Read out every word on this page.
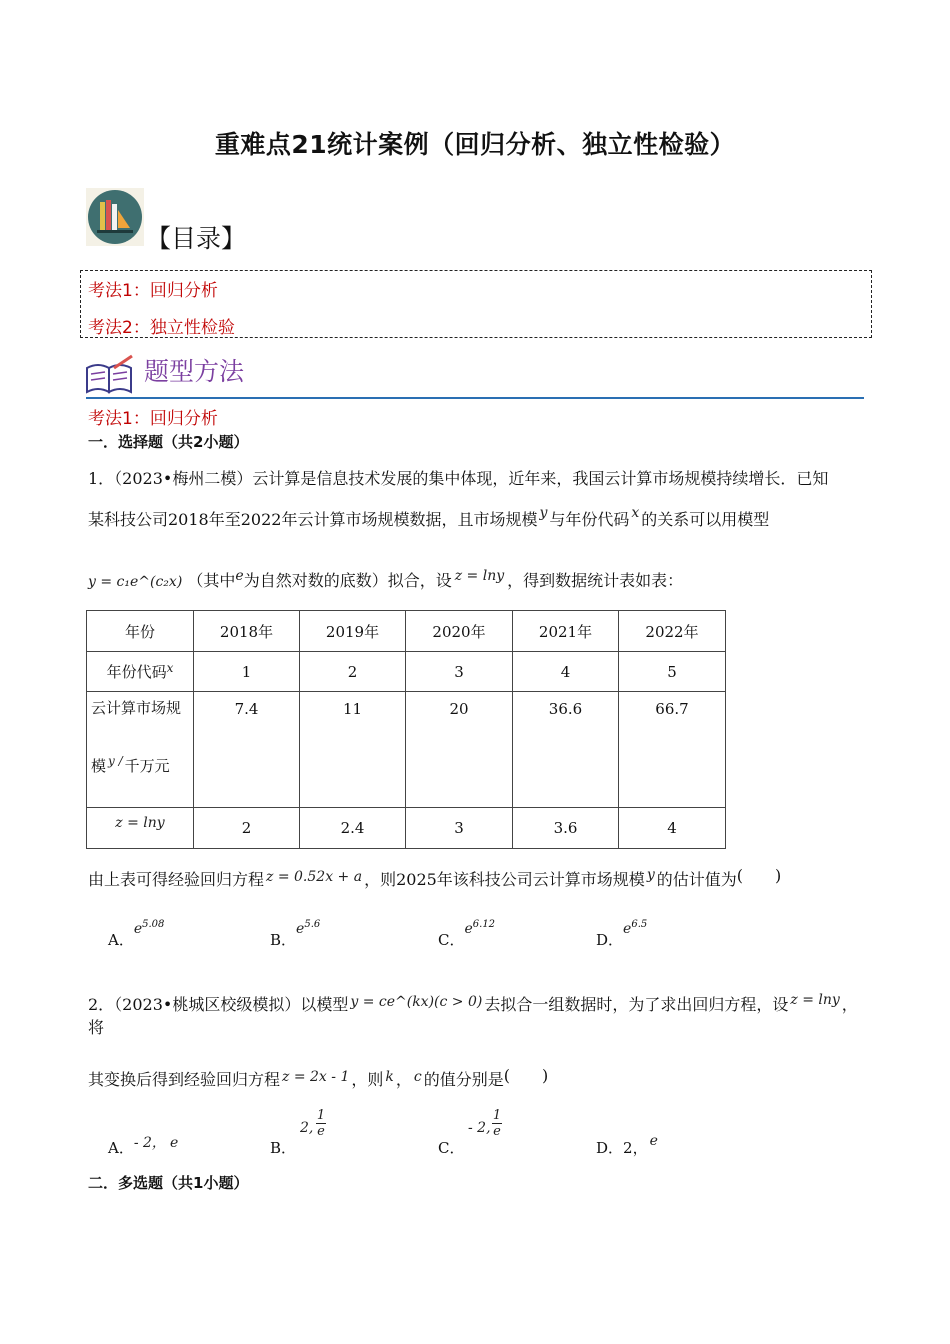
重难点21统计案例（回归分析、独立性检验）
【目录】
考法1：回归分析
考法2：独立性检验
题型方法
考法1：回归分析
一．选择题（共2小题）
1．（2023•梅州二模）云计算是信息技术发展的集中体现，近年来，我国云计算市场规模持续增长．已知
某科技公司2018年至2022年云计算市场规模数据，且市场规模 y 与年份代码 x 的关系可以用模型
y = c₁e^(c₂x) （其中e为自然对数的底数）拟合，设 z = lny ，得到数据统计表如表：
年份	2018年	2019年	2020年	2021年	2022年
年份代码$^x$	1	2	3	4	5

云计算市场规
模 $^{y /}$ 千万元	7.4	11	20	36.6	66.7
z = lny	2	2.4	3	3.6	4
由上表可得经验回归方程 z = 0.52x + a ，则2025年该科技公司云计算市场规模 y 的估计值为(　　)
A．$e^{5.08}$
B．$e^{5.6}$
C．$e^{6.12}$
D．$e^{6.5}$
2．（2023•桃城区校级模拟）以模型 y = ce^(kx)(c > 0) 去拟合一组数据时，为了求出回归方程，设 z = lny ，将
其变换后得到经验回归方程 z = 2x - 1 ，则 k ， c 的值分别是(　　)
A．- 2， e	B．
2,
1
e
C．
- 2,
1
e
D．2， e
二．多选题（共1小题）
